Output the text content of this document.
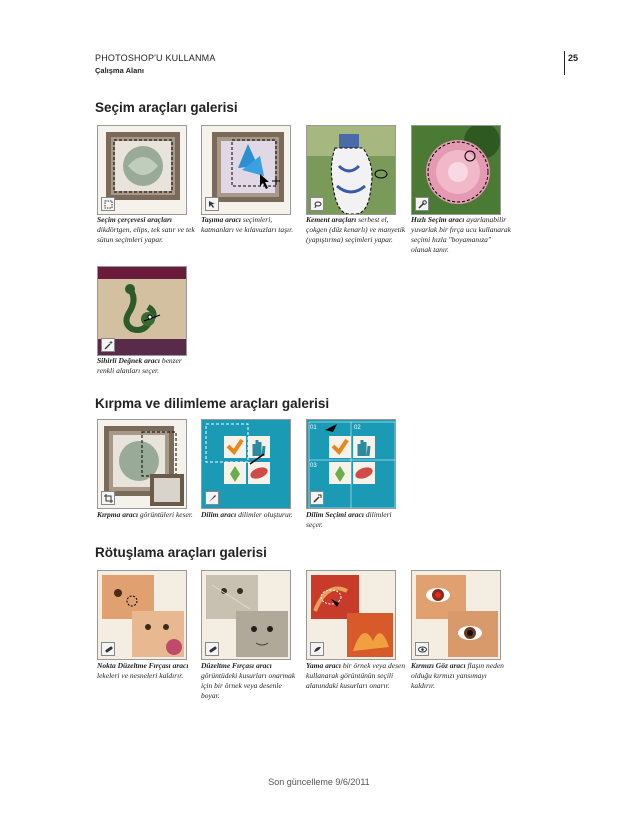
PHOTOSHOP'U KULLANMA
Çalışma Alanı
25
Seçim araçları galerisi
Seçim çerçevesi araçları dikdörtgen, elips, tek satır ve tek sütun seçimleri yapar.
Taşıma aracı seçimleri, katmanları ve kılavuzları taşır.
Kement araçları serbest el, çokgen (düz kenarlı) ve manyetik (yapıştırma) seçimleri yapar.
Hızlı Seçim aracı ayarlanabilir yuvarlak bir fırça ucu kullanarak seçimi hızla "boyamanıza" olanak tanır.
Sihirli Değnek aracı benzer renkli alanları seçer.
Kırpma ve dilimleme araçları galerisi
01	02
03
Kırpma aracı görüntüleri keser.	Dilim aracı dilimler oluşturur.	Dilim Seçimi aracı dilimleri seçer.
Rötuşlama araçları galerisi
Nokta Düzeltme Fırçası aracı lekeleri ve nesneleri kaldırır.
Düzeltme Fırçası aracı görüntüdeki kusurları onarmak için bir örnek veya desenle boyar.
Yama aracı bir örnek veya desen kullanarak görüntünün seçili alanındaki kusurları onarır.
Kırmızı Göz aracı flaşın neden olduğu kırmızı yansımayı kaldırır.
Son güncelleme 9/6/2011
